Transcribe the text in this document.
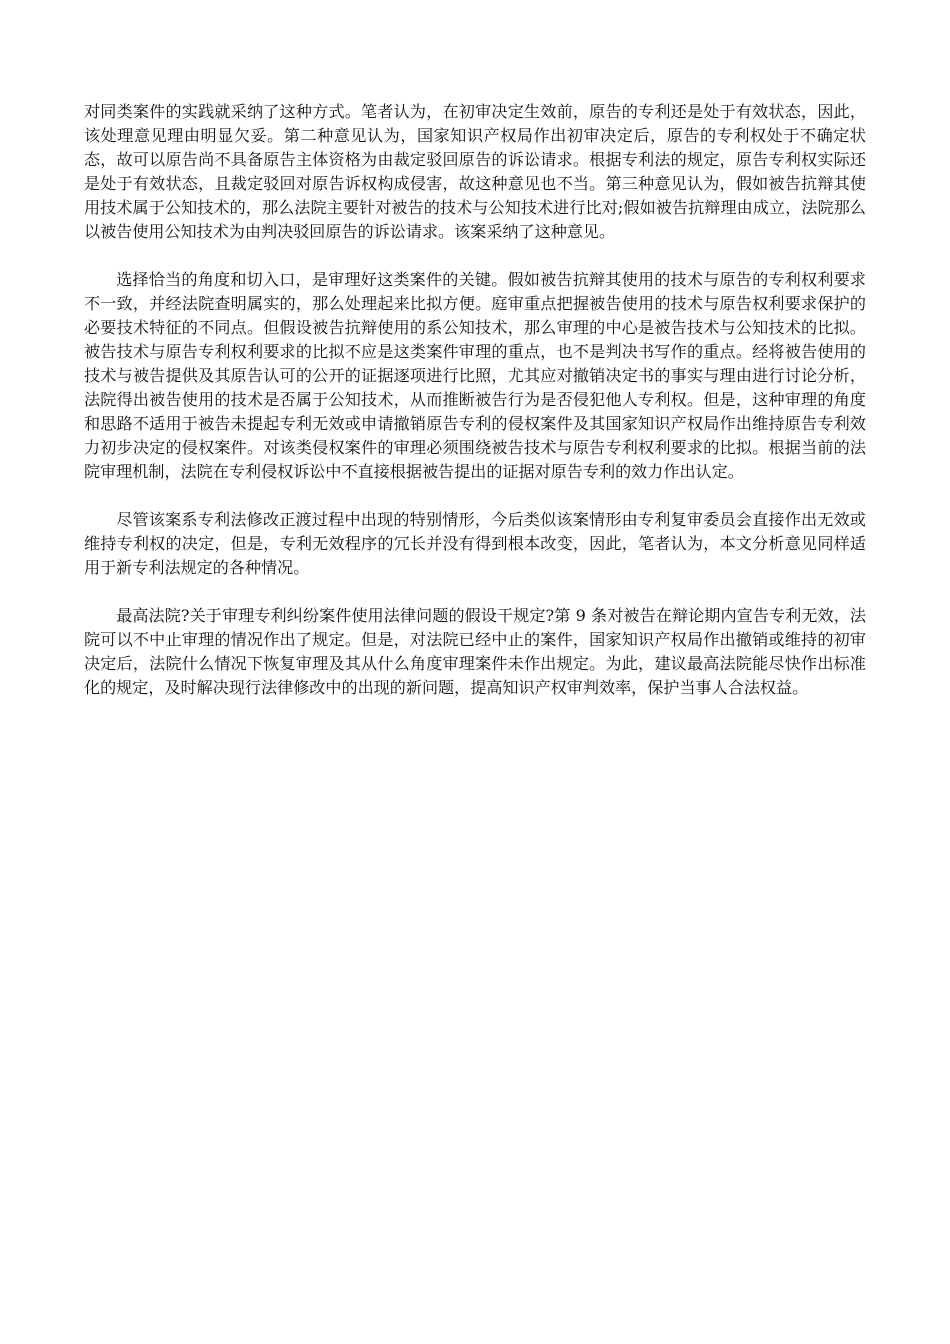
对同类案件的实践就采纳了这种方式。笔者认为，在初审决定生效前，原告的专利还是处于有效状态，因此，该处理意见理由明显欠妥。第二种意见认为，国家知识产权局作出初审决定后，原告的专利权处于不确定状态，故可以原告尚不具备原告主体资格为由裁定驳回原告的诉讼请求。根据专利法的规定，原告专利权实际还是处于有效状态，且裁定驳回对原告诉权构成侵害，故这种意见也不当。第三种意见认为，假如被告抗辩其使用技术属于公知技术的，那么法院主要针对被告的技术与公知技术进行比对;假如被告抗辩理由成立，法院那么以被告使用公知技术为由判决驳回原告的诉讼请求。该案采纳了这种意见。

选择恰当的角度和切入口，是审理好这类案件的关键。假如被告抗辩其使用的技术与原告的专利权利要求不一致，并经法院查明属实的，那么处理起来比拟方便。庭审重点把握被告使用的技术与原告权利要求保护的必要技术特征的不同点。但假设被告抗辩使用的系公知技术，那么审理的中心是被告技术与公知技术的比拟。被告技术与原告专利权利要求的比拟不应是这类案件审理的重点，也不是判决书写作的重点。经将被告使用的技术与被告提供及其原告认可的公开的证据逐项进行比照，尤其应对撤销决定书的事实与理由进行讨论分析，法院得出被告使用的技术是否属于公知技术，从而推断被告行为是否侵犯他人专利权。但是，这种审理的角度和思路不适用于被告未提起专利无效或申请撤销原告专利的侵权案件及其国家知识产权局作出维持原告专利效力初步决定的侵权案件。对该类侵权案件的审理必须围绕被告技术与原告专利权利要求的比拟。根据当前的法院审理机制，法院在专利侵权诉讼中不直接根据被告提出的证据对原告专利的效力作出认定。

尽管该案系专利法修改正渡过程中出现的特别情形，今后类似该案情形由专利复审委员会直接作出无效或维持专利权的决定，但是，专利无效程序的冗长并没有得到根本改变，因此，笔者认为，本文分析意见同样适用于新专利法规定的各种情况。

最高法院?关于审理专利纠纷案件使用法律问题的假设干规定?第 9 条对被告在辩论期内宣告专利无效，法院可以不中止审理的情况作出了规定。但是，对法院已经中止的案件，国家知识产权局作出撤销或维持的初审决定后，法院什么情况下恢复审理及其从什么角度审理案件未作出规定。为此，建议最高法院能尽快作出标准化的规定，及时解决现行法律修改中的出现的新问题，提高知识产权审判效率，保护当事人合法权益。
